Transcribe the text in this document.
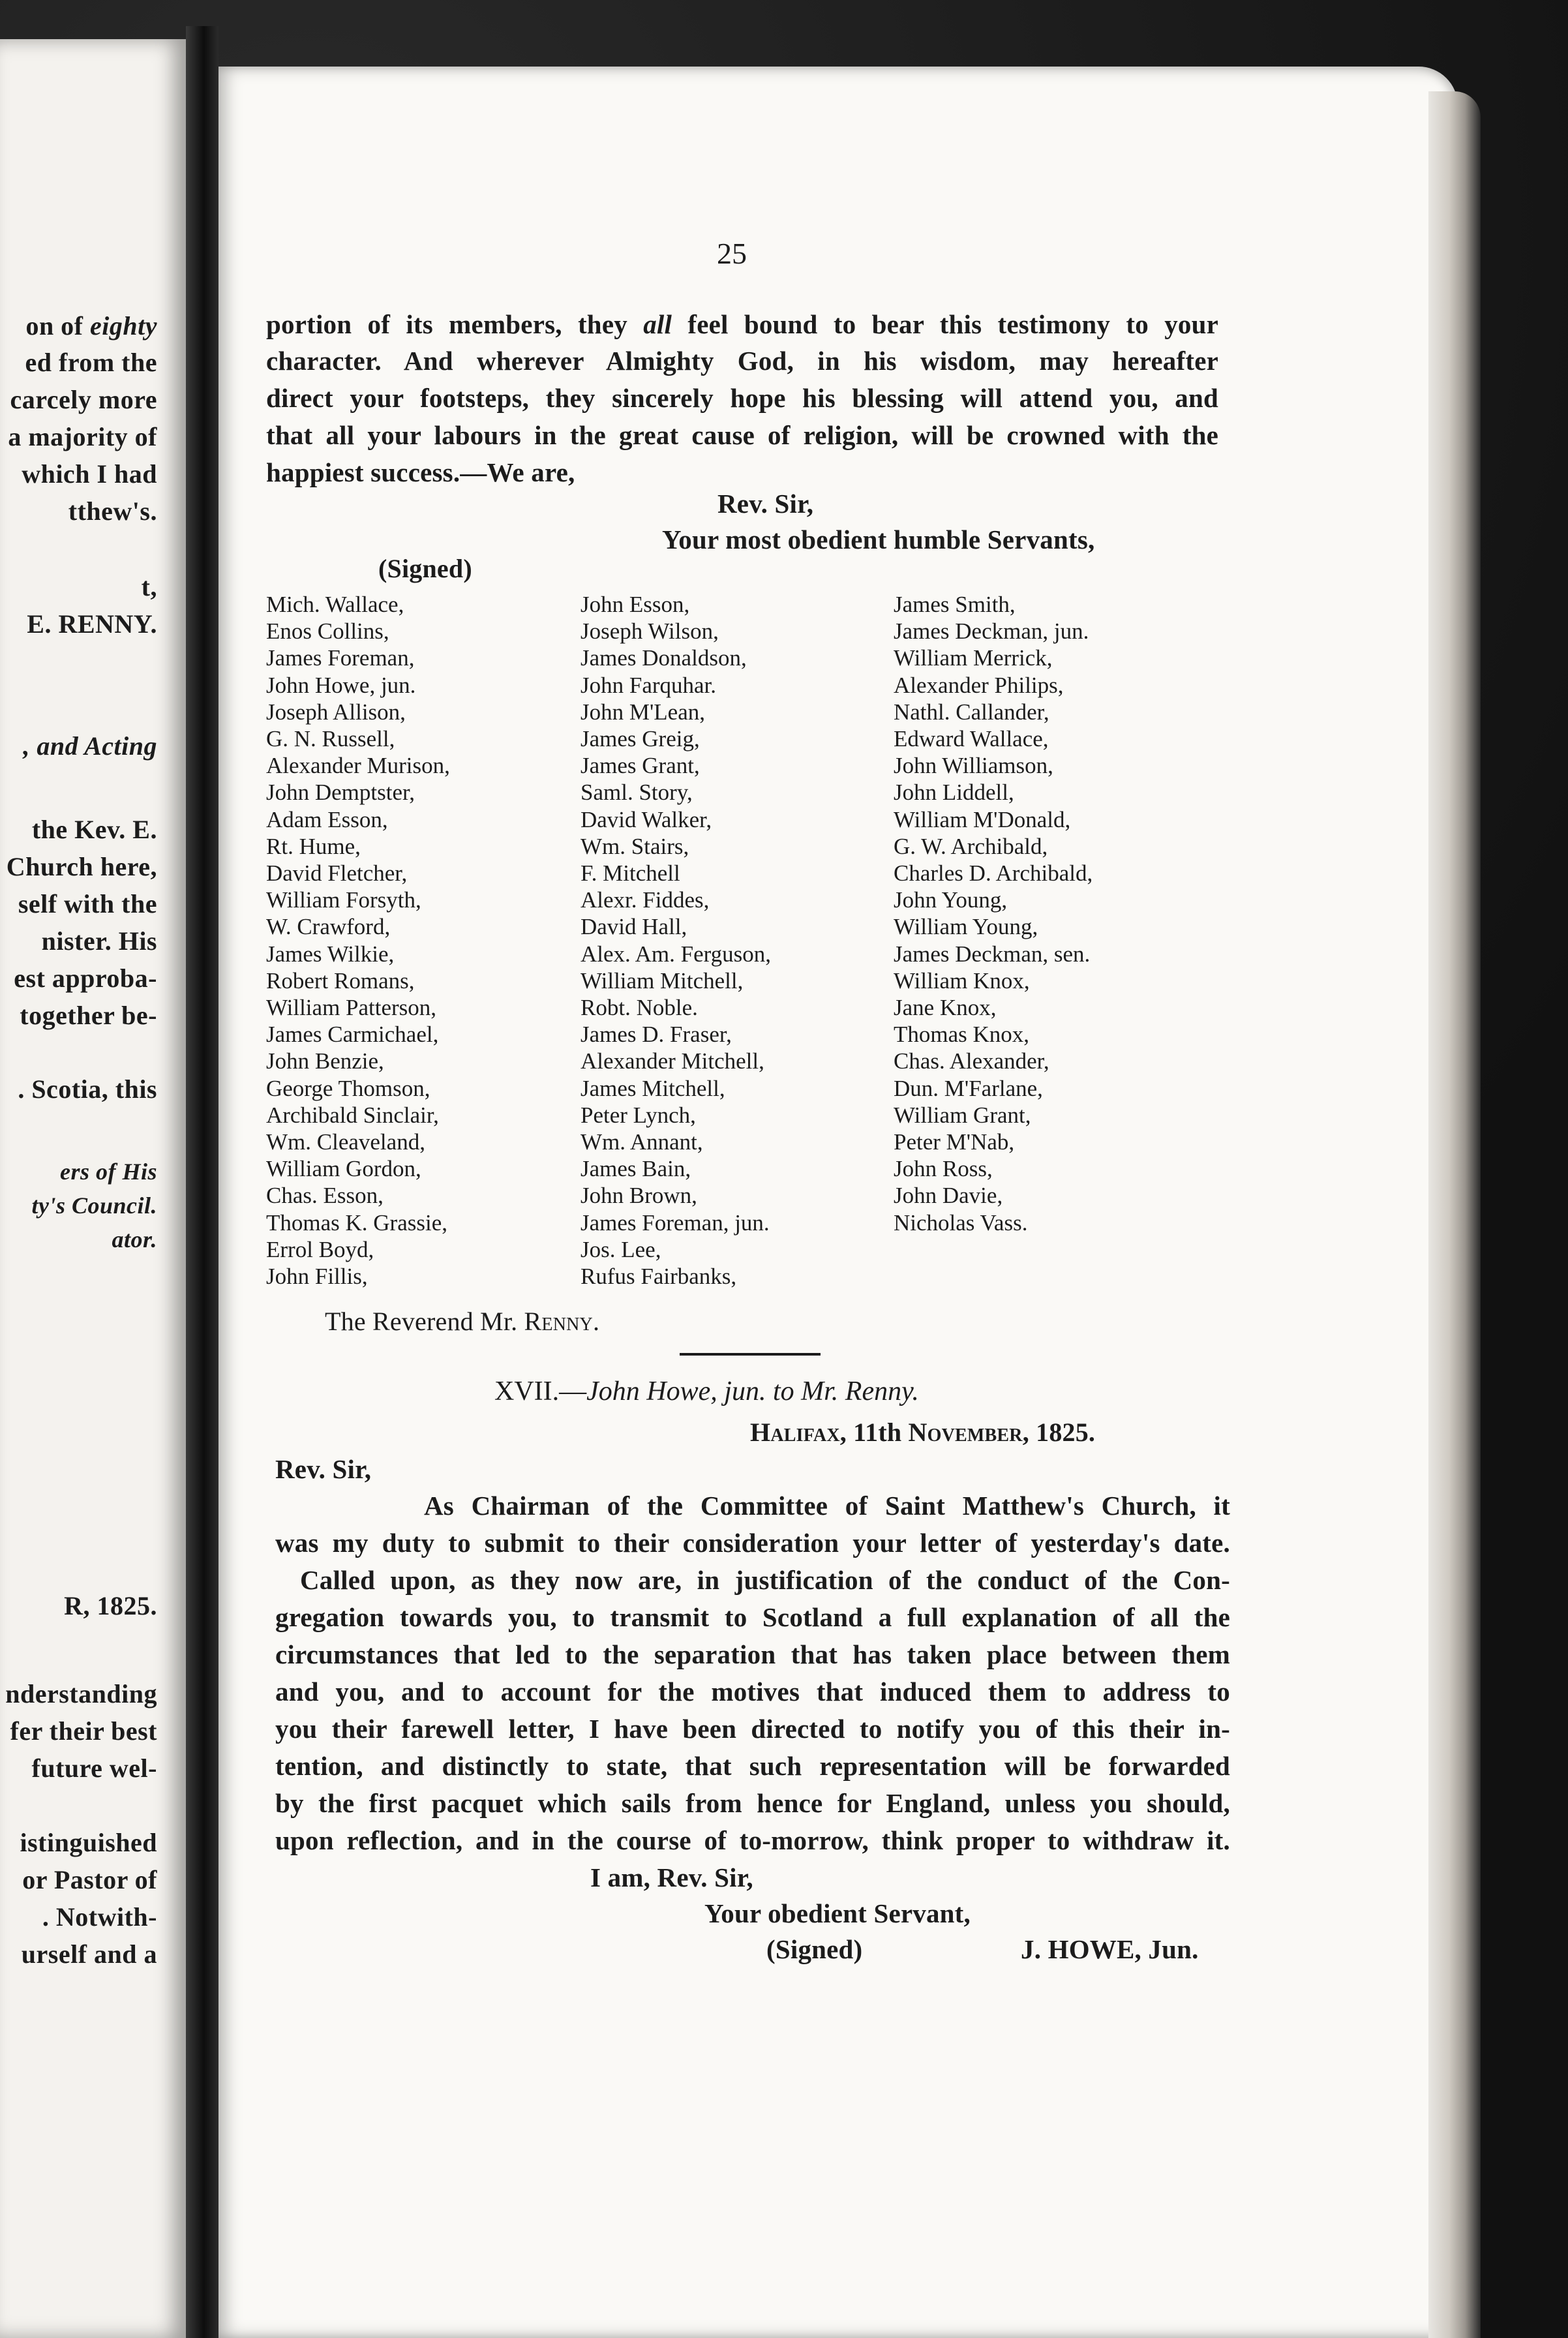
on of eighty
ed from the
carcely more
a majority of
which I had
tthew's.
t,
E. RENNY.
, and Acting
the Kev. E.
Church here,
self with the
nister. His
est approba-
together be-
. Scotia, this
ers of His
ty's Council.
ator.
R, 1825.
nderstanding
fer their best
future wel-
istinguished
or Pastor of
. Notwith-
urself and a
25
portion of its members, they all feel bound to bear this testimony to your
character. And wherever Almighty God, in his wisdom, may hereafter
direct your footsteps, they sincerely hope his blessing will attend you, and
that all your labours in the great cause of religion, will be crowned with the
happiest success.—We are,
Rev. Sir,
Your most obedient humble Servants,
(Signed)
Mich. Wallace,
Enos Collins,
James Foreman,
John Howe, jun.
Joseph Allison,
G. N. Russell,
Alexander Murison,
John Demptster,
Adam Esson,
Rt. Hume,
David Fletcher,
William Forsyth,
W. Crawford,
James Wilkie,
Robert Romans,
William Patterson,
James Carmichael,
John Benzie,
George Thomson,
Archibald Sinclair,
Wm. Cleaveland,
William Gordon,
Chas. Esson,
Thomas K. Grassie,
Errol Boyd,
John Fillis,
John Esson,
Joseph Wilson,
James Donaldson,
John Farquhar.
John M'Lean,
James Greig,
James Grant,
Saml. Story,
David Walker,
Wm. Stairs,
F. Mitchell
Alexr. Fiddes,
David Hall,
Alex. Am. Ferguson,
William Mitchell,
Robt. Noble.
James D. Fraser,
Alexander Mitchell,
James Mitchell,
Peter Lynch,
Wm. Annant,
James Bain,
John Brown,
James Foreman, jun.
Jos. Lee,
Rufus Fairbanks,
James Smith,
James Deckman, jun.
William Merrick,
Alexander Philips,
Nathl. Callander,
Edward Wallace,
John Williamson,
John Liddell,
William M'Donald,
G. W. Archibald,
Charles D. Archibald,
John Young,
William Young,
James Deckman, sen.
William Knox,
Jane Knox,
Thomas Knox,
Chas. Alexander,
Dun. M'Farlane,
William Grant,
Peter M'Nab,
John Ross,
John Davie,
Nicholas Vass.
The Reverend Mr. Renny.
XVII.—John Howe, jun. to Mr. Renny.
Halifax, 11th November, 1825.
Rev. Sir,
As Chairman of the Committee of Saint Matthew's Church, it
was my duty to submit to their consideration your letter of yesterday's date.
Called upon, as they now are, in justification of the conduct of the Con-
gregation towards you, to transmit to Scotland a full explanation of all the
circumstances that led to the separation that has taken place between them
and you, and to account for the motives that induced them to address to
you their farewell letter, I have been directed to notify you of this their in-
tention, and distinctly to state, that such representation will be forwarded
by the first pacquet which sails from hence for England, unless you should,
upon reflection, and in the course of to-morrow, think proper to withdraw it.
I am, Rev. Sir,
Your obedient Servant,
(Signed)	J. HOWE, Jun.
